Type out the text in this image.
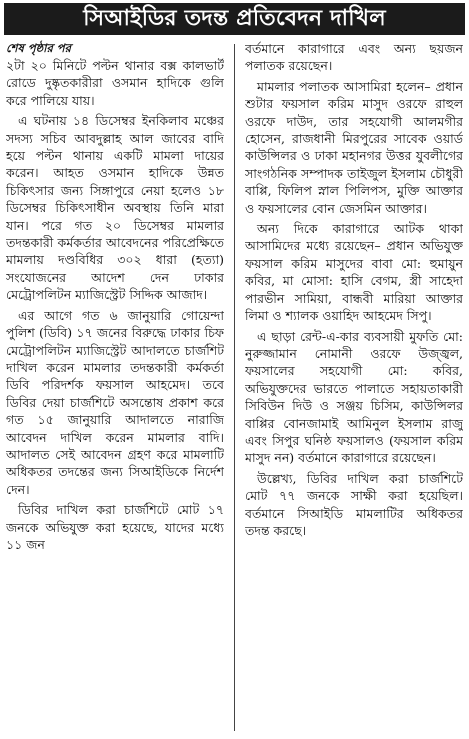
সিআইডির তদন্ত প্রতিবেদন দাখিল
শেষ পৃষ্ঠার পর

২টা ২০ মিনিটে পল্টন থানার বক্স কালভার্ট রোডে দুষ্কৃতকারীরা ওসমান হাদিকে গুলি করে পালিয়ে যায়।

এ ঘটনায় ১৪ ডিসেম্বর ইনকিলাব মঞ্চের সদস্য সচিব আবদুল্লাহ আল জাবের বাদি হয়ে পল্টন থানায় একটি মামলা দায়ের করেন। আহত ওসমান হাদিকে উন্নত চিকিৎসার জন্য সিঙ্গাপুরে নেয়া হলেও ১৮ ডিসেম্বর চিকিৎসাধীন অবস্থায় তিনি মারা যান। পরে গত ২০ ডিসেম্বর মামলার তদন্তকারী কর্মকর্তার আবেদনের পরিপ্রেক্ষিতে মামলায় দণ্ডবিধির ৩০২ ধারা (হত্যা) সংযোজনের আদেশ দেন ঢাকার মেট্রোপলিটন ম্যাজিস্ট্রেট সিদ্দিক আজাদ।

এর আগে গত ৬ জানুয়ারি গোয়েন্দা পুলিশ (ডিবি) ১৭ জনের বিরুদ্ধে ঢাকার চিফ মেট্রোপলিটন ম্যাজিস্ট্রেট আদালতে চার্জশিট দাখিল করেন মামলার তদন্তকারী কর্মকর্তা ডিবি পরিদর্শক ফয়সাল আহমেদ। তবে ডিবির দেয়া চার্জশিটে অসন্তোষ প্রকাশ করে গত ১৫ জানুয়ারি আদালতে নারাজি আবেদন দাখিল করেন মামলার বাদি। আদালত সেই আবেদন গ্রহণ করে মামলাটি অধিকতর তদন্তের জন্য সিআইডিকে নির্দেশ দেন।

ডিবির দাখিল করা চার্জশিটে মোট ১৭ জনকে অভিযুক্ত করা হয়েছে, যাদের মধ্যে ১১ জন

বর্তমানে কারাগারে এবং অন্য ছয়জন পলাতক রয়েছেন।

মামলার পলাতক আসামিরা হলেন– প্রধান শুটার ফয়সাল করিম মাসুদ ওরফে রাহুল ওরফে দাউদ, তার সহযোগী আলমগীর হোসেন, রাজধানী মিরপুরের সাবেক ওয়ার্ড কাউন্সিলর ও ঢাকা মহানগর উত্তর যুবলীগের সাংগঠনিক সম্পাদক তাইজুল ইসলাম চৌধুরী বাপ্পি, ফিলিপ স্নাল পিলিপস, মুক্তি আক্তার ও ফয়সালের বোন জেসমিন আক্তার।

অন্য দিকে কারাগারে আটক থাকা আসামিদের মধ্যে রয়েছেন– প্রধান অভিযুক্ত ফয়সাল করিম মাসুদের বাবা মো: হুমায়ুন কবির, মা মোসা: হাসি বেগম, স্ত্রী সাহেদা পারভীন সামিয়া, বান্ধবী মারিয়া আক্তার লিমা ও শ্যালক ওয়াহিদ আহমেদ সিপু।

এ ছাড়া রেন্ট-এ-কার ব্যবসায়ী মুফতি মো: নুরুজ্জামান নোমানী ওরফে উজ্জ্বল, ফয়সালের সহযোগী মো: কবির, অভিযুক্তদের ভারতে পালাতে সহায়তাকারী সিবিউন দিউ ও সঞ্জয় চিসিম, কাউন্সিলর বাপ্পির বোনজামাই আমিনুল ইসলাম রাজু এবং সিপুর ঘনিষ্ঠ ফয়সালও (ফয়সাল করিম মাসুদ নন) বর্তমানে কারাগারে রয়েছেন।

উল্লেখ্য, ডিবির দাখিল করা চার্জশিটে মোট ৭৭ জনকে সাক্ষী করা হয়েছিল। বর্তমানে সিআইডি মামলাটির অধিকতর তদন্ত করছে।
